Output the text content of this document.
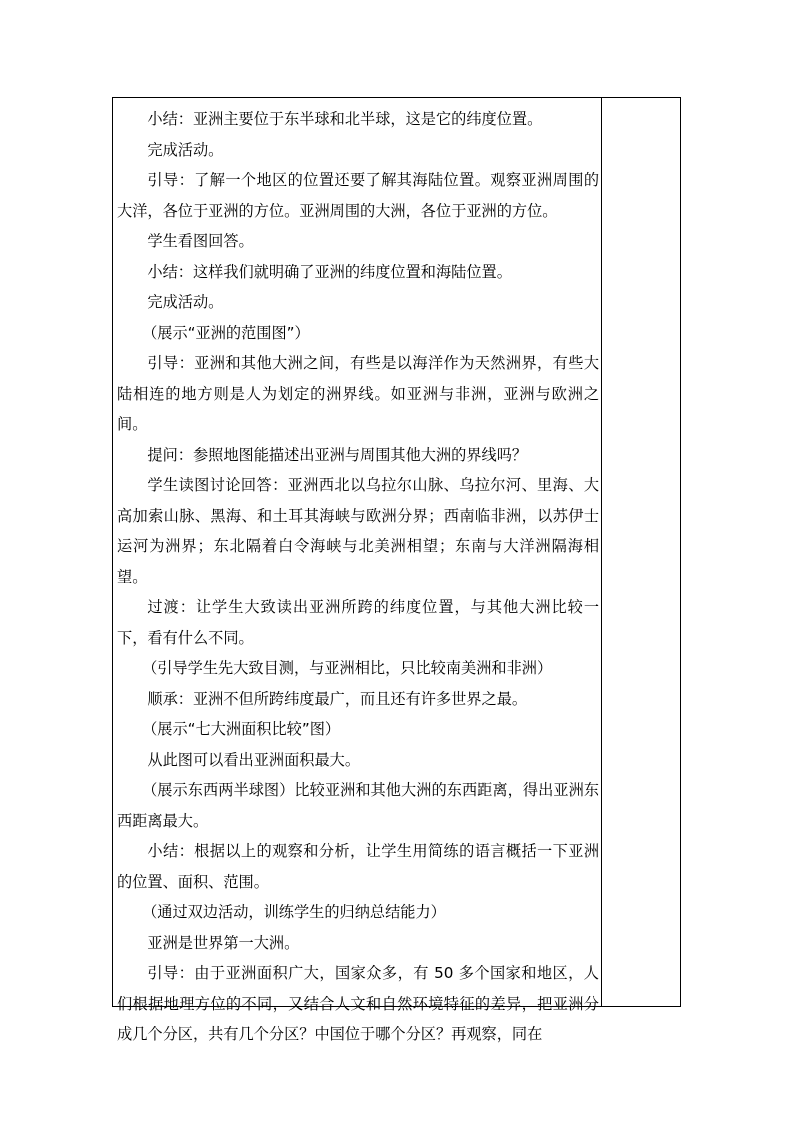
小结：亚洲主要位于东半球和北半球，这是它的纬度位置。

完成活动。

引导：了解一个地区的位置还要了解其海陆位置。观察亚洲周围的大洋，各位于亚洲的方位。亚洲周围的大洲，各位于亚洲的方位。

学生看图回答。

小结：这样我们就明确了亚洲的纬度位置和海陆位置。

完成活动。

（展示“亚洲的范围图”）

引导：亚洲和其他大洲之间，有些是以海洋作为天然洲界，有些大陆相连的地方则是人为划定的洲界线。如亚洲与非洲，亚洲与欧洲之间。

提问：参照地图能描述出亚洲与周围其他大洲的界线吗？

学生读图讨论回答：亚洲西北以乌拉尔山脉、乌拉尔河、里海、大高加索山脉、黑海、和土耳其海峡与欧洲分界；西南临非洲，以苏伊士运河为洲界；东北隔着白令海峡与北美洲相望；东南与大洋洲隔海相望。

过渡：让学生大致读出亚洲所跨的纬度位置，与其他大洲比较一下，看有什么不同。

（引导学生先大致目测，与亚洲相比，只比较南美洲和非洲）

顺承：亚洲不但所跨纬度最广，而且还有许多世界之最。

（展示“七大洲面积比较”图）

从此图可以看出亚洲面积最大。

（展示东西两半球图）比较亚洲和其他大洲的东西距离，得出亚洲东西距离最大。

小结：根据以上的观察和分析，让学生用简练的语言概括一下亚洲的位置、面积、范围。

（通过双边活动，训练学生的归纳总结能力）

亚洲是世界第一大洲。

引导：由于亚洲面积广大，国家众多，有 50 多个国家和地区，人们根据地理方位的不同，又结合人文和自然环境特征的差异，把亚洲分成几个分区，共有几个分区？中国位于哪个分区？再观察，同在
